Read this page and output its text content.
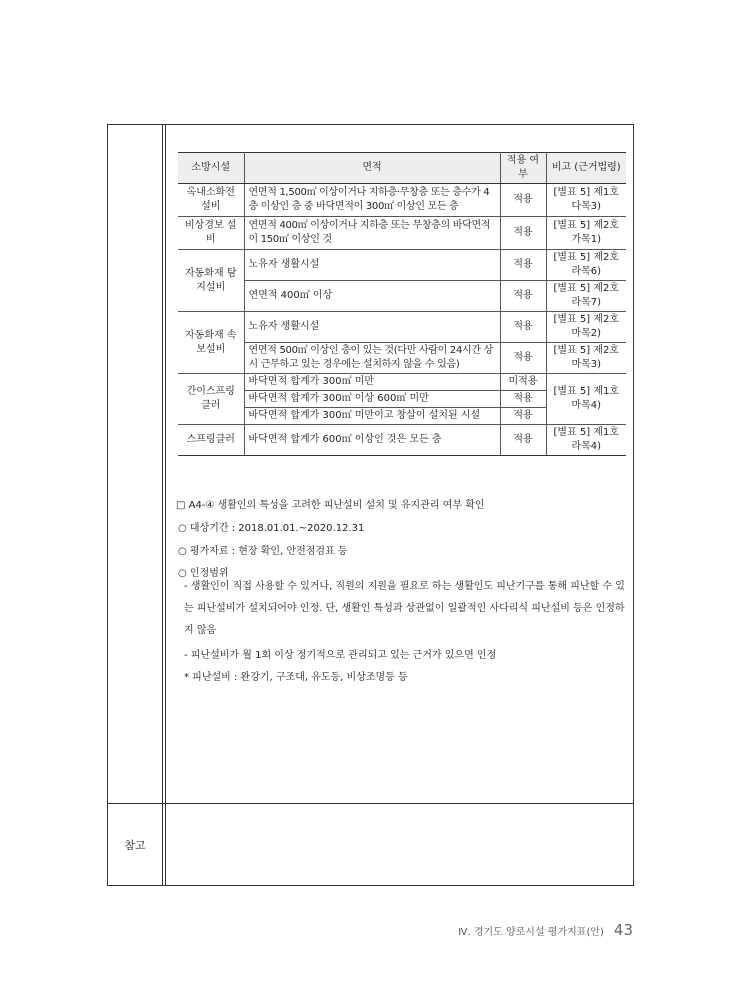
참고
소방시설	면적	적용 여부	비고 (근거법령)
옥내소화전 설비	연면적 1,500㎡ 이상이거나 지하층·무창층 또는 층수가 4층 이상인 층 중 바닥면적이 300㎡ 이상인 모든 층	적용	[별표 5] 제1호다목3)
비상경보 설비	연면적 400㎡ 이상이거나 지하층 또는 무창층의 바닥면적이 150㎡ 이상인 것	적용	[별표 5] 제2호가목1)
자동화재 탐지설비	노유자 생활시설	적용	[별표 5] 제2호라목6)
	연면적 400㎡ 이상	적용	[별표 5] 제2호라목7)
자동화재 속보설비	노유자 생활시설	적용	[별표 5] 제2호마목2)
	연면적 500㎡ 이상인 층이 있는 것(다만 사람이 24시간 상시 근무하고 있는 경우에는 설치하지 않을 수 있음)	적용	[별표 5] 제2호마목3)
간이스프링 클러	바닥면적 합계가 300㎡ 미만	미적용	[별표 5] 제1호마목4)
	바닥면적 합계가 300㎡ 이상 600㎡ 미만	적용	
	바닥면적 합계가 300㎡ 미만이고 창살이 설치된 시설	적용	
스프링클러	바닥면적 합계가 600㎡ 이상인 것은 모든 층	적용	[별표 5] 제1호라목4)
□ A4-④ 생활인의 특성을 고려한 피난설비 설치 및 유지관리 여부 확인
○ 대상기간 : 2018.01.01.~2020.12.31
○ 평가자료 : 현장 확인, 안전점검표 등
○ 인정범위
- 생활인이 직접 사용할 수 있거나, 직원의 지원을 필요로 하는 생활인도 피난기구를 통해 피난할 수 있는 피난설비가 설치되어야 인정. 단, 생활인 특성과 상관없이 일괄적인 사다리식 피난설비 등은 인정하지 않음
- 피난설비가 월 1회 이상 정기적으로 관리되고 있는 근거가 있으면 인정
* 피난설비 : 완강기, 구조대, 유도등, 비상조명등 등
Ⅳ. 경기도 양로시설 평가지표(안) 43
